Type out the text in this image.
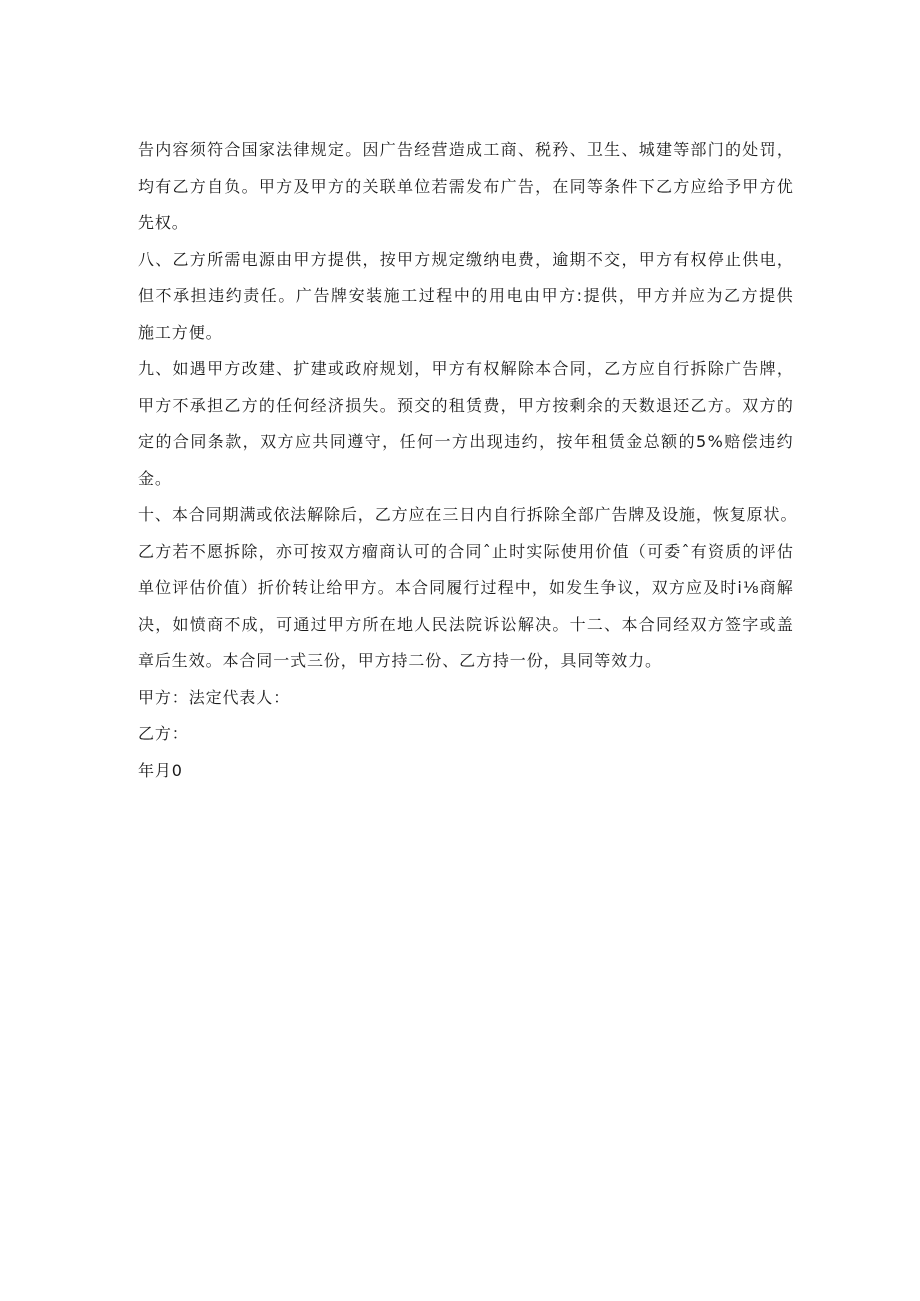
告 内 容 须 符 合 国 家 法 律 规 定 。 因 广 告 经 营 造 成 工 商 、 税 矜 、 卫 生 、 城 建 等 部 门 的 处 罚 ，
均 有 乙 方 自 负 。 甲 方 及 甲 方 的 关 联 单 位 若 需 发 布 广 告 ， 在 同 等 条 件 下 乙 方 应 给 予 甲 方 优
先权。
八 、 乙 方 所 需 电 源 由 甲 方 提 供 ， 按 甲 方 规 定 缴 纳 电 费 ， 逾 期 不 交 ， 甲 方 有 权 停 止 供 电 ，
但 不 承 担 违 约 责 任 。 广 告 牌 安 装 施 工 过 程 中 的 用 电 由 甲 方 : 提 供 ， 甲 方 并 应 为 乙 方 提 供
施工方便。
九 、 如 遇 甲 方 改 建 、 扩 建 或 政 府 规 划 ， 甲 方 有 权 解 除 本 合 同 ， 乙 方 应 自 行 拆 除 广 告 牌 ，
甲 方 不 承 担 乙 方 的 任 何 经 济 损 失 。 预 交 的 租 赁 费 ， 甲 方 按 剩 余 的 天 数 退 还 乙 方 。 双 方 的
定 的 合 同 条 款 ， 双 方 应 共 同 遵 守 ， 任 何 一 方 出 现 违 约 ， 按 年 租 赁 金 总 额 的 5 % 赔 偿 违 约
金。
十 、 本 合 同 期 满 或 依 法 解 除 后 ， 乙 方 应 在 三 日 内 自 行 拆 除 全 部 广 告 牌 及 设 施 ， 恢 复 原 状 。
乙 方 若 不 愿 拆 除 ， 亦 可 按 双 方 瘤 商 认 可 的 合 同 ˆ 止 时 实 际 使 用 价 值 （ 可 委 ˆ 有 资 质 的 评 估
单 位 评 估 价 值 ） 折 价 转 让 给 甲 方 。 本 合 同 履 行 过 程 中 ， 如 发 生 争 议 ， 双 方 应 及 时 i ⅛ 商 解
决 ， 如 愤 商 不 成 ， 可 通 过 甲 方 所 在 地 人 民 法 院 诉 讼 解 决 。 十 二 、 本 合 同 经 双 方 签 字 或 盖
章后生效。本合同一式三份，甲方持二份、乙方持一份，具同等效力。
甲方：法定代表人：
乙方：
年月0
